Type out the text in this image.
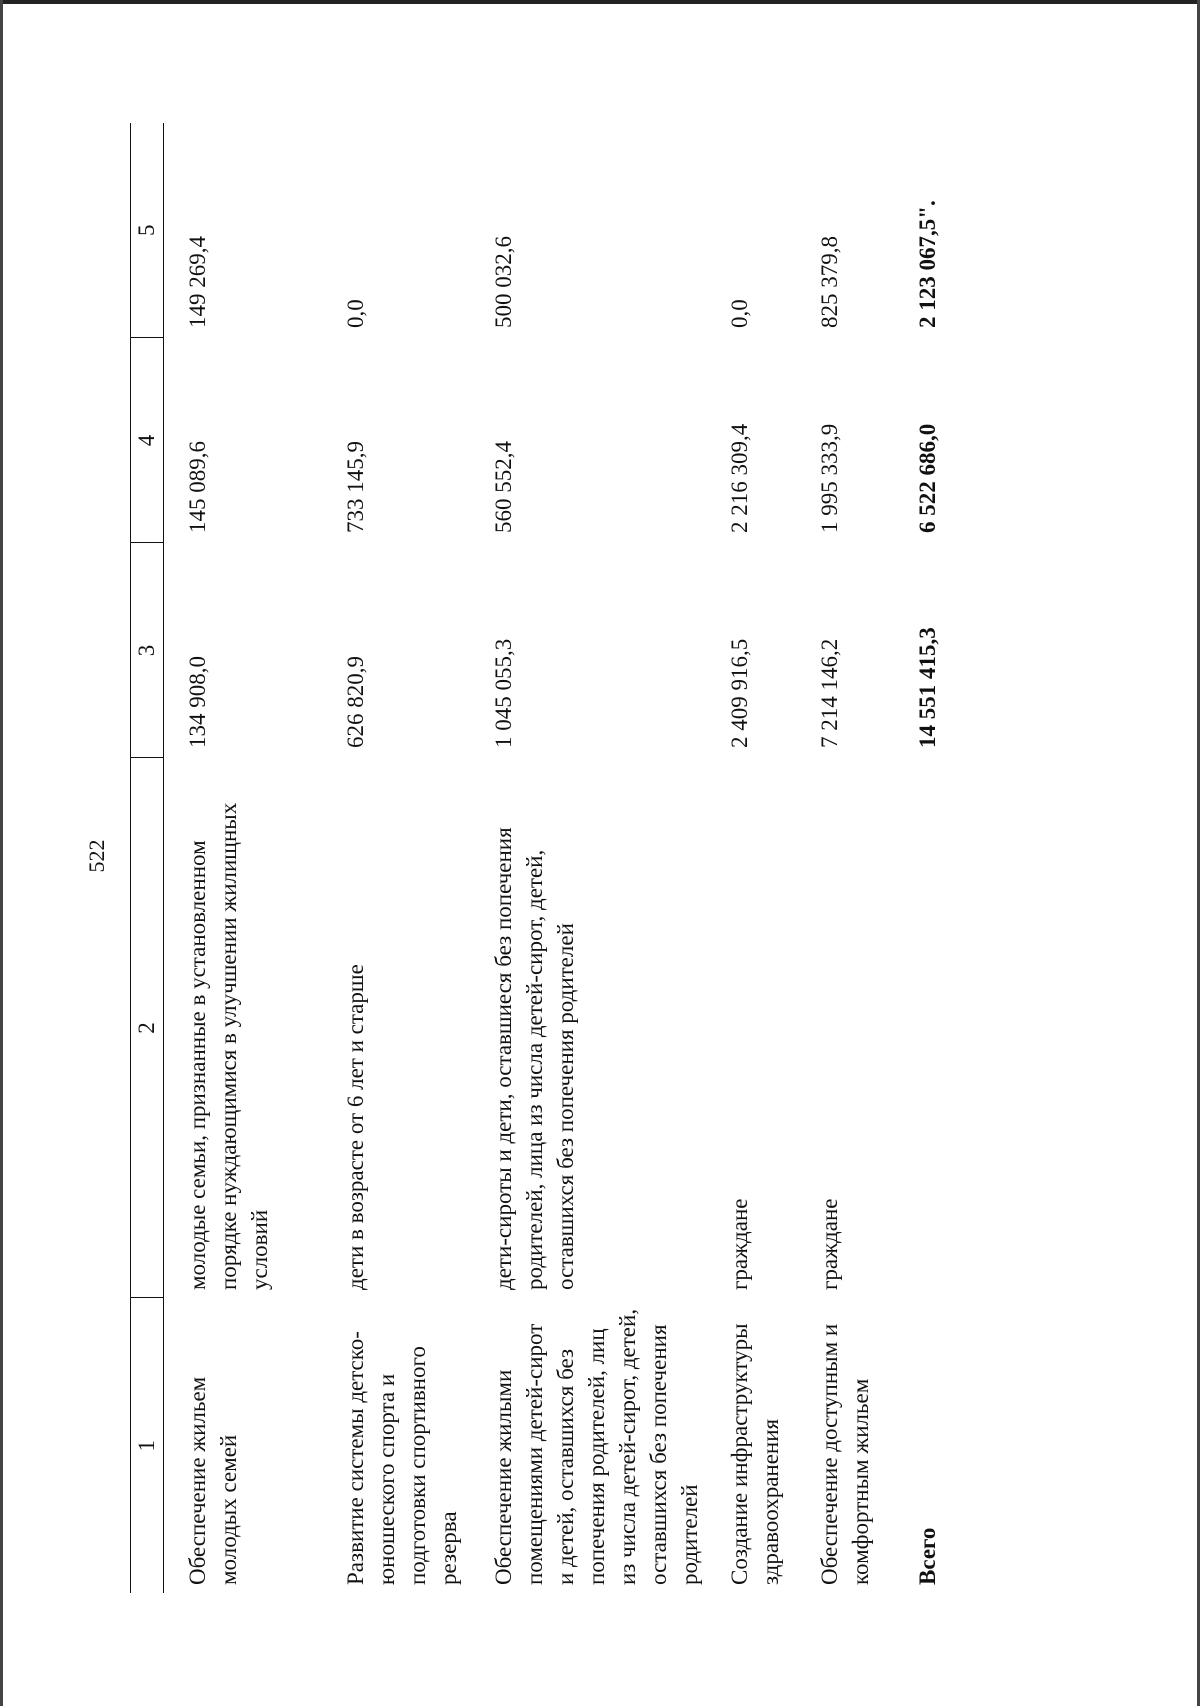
522
1	2	3	4	5
Обеспечение жильем молодых семей	молодые семьи, признанные в установленном порядке нуждающимися в улучшении жилищных условий	134 908,0	145 089,6	149 269,4
Развитие системы детско-юношеского спорта и подготовки спортивного резерва	дети в возрасте от 6 лет и старше	626 820,9	733 145,9	0,0
Обеспечение жилыми помещениями детей-сирот и детей, оставшихся без попечения родителей, лиц из числа детей-сирот, детей, оставшихся без попечения родителей	дети-сироты и дети, оставшиеся без попечения родителей, лица из числа детей-сирот, детей, оставшихся без попечения родителей	1 045 055,3	560 552,4	500 032,6
Создание инфраструктуры здравоохранения	граждане	2 409 916,5	2 216 309,4	0,0
Обеспечение доступным и комфортным жильем	граждане	7 214 146,2	1 995 333,9	825 379,8
Всего		14 551 415,3	6 522 686,0	2 123 067,5".
